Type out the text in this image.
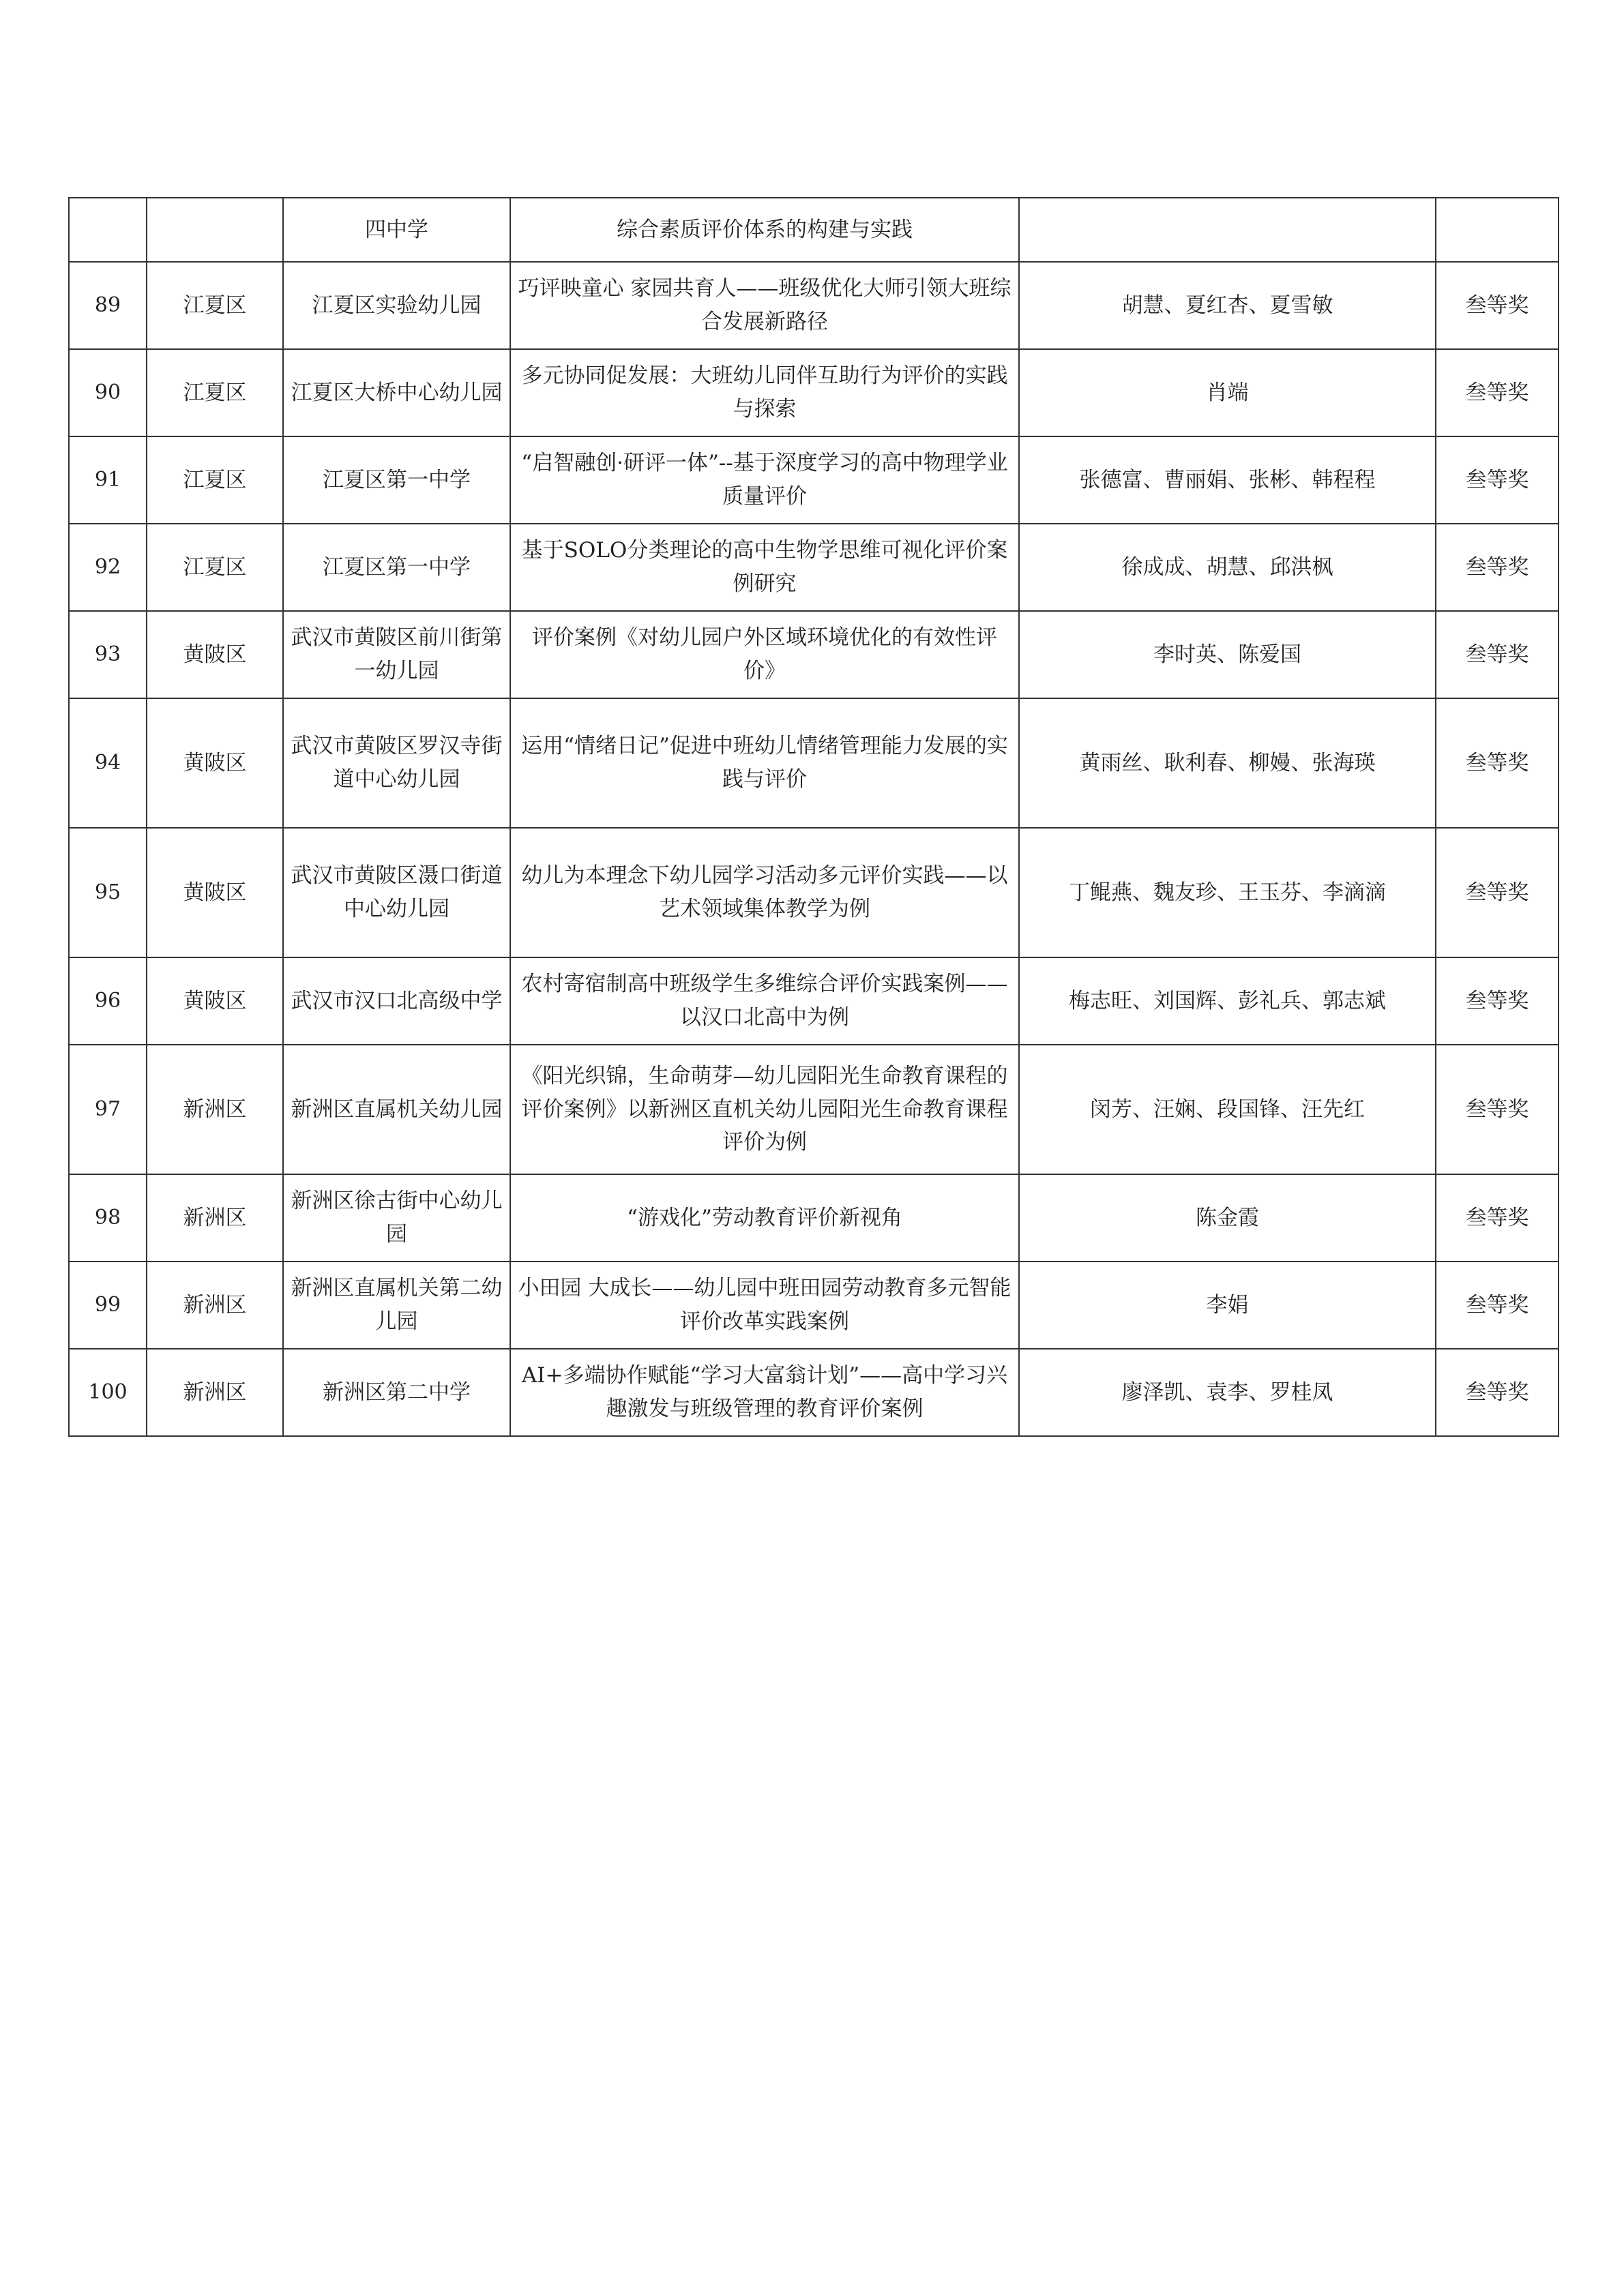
		四中学	综合素质评价体系的构建与实践		
89	江夏区	江夏区实验幼儿园	巧评映童心 家园共育人——班级优化大师引领大班综合发展新路径	胡慧、夏红杏、夏雪敏	叁等奖
90	江夏区	江夏区大桥中心幼儿园	多元协同促发展：大班幼儿同伴互助行为评价的实践与探索	肖端	叁等奖
91	江夏区	江夏区第一中学	“启智融创·研评一体”--基于深度学习的高中物理学业质量评价	张德富、曹丽娟、张彬、韩程程	叁等奖
92	江夏区	江夏区第一中学	基于SOLO分类理论的高中生物学思维可视化评价案例研究	徐成成、胡慧、邱洪枫	叁等奖
93	黄陂区	武汉市黄陂区前川街第一幼儿园	评价案例《对幼儿园户外区域环境优化的有效性评价》	李时英、陈爱国	叁等奖
94	黄陂区	武汉市黄陂区罗汉寺街道中心幼儿园	运用“情绪日记”促进中班幼儿情绪管理能力发展的实践与评价	黄雨丝、耿利春、柳嫚、张海瑛	叁等奖
95	黄陂区	武汉市黄陂区滠口街道中心幼儿园	幼儿为本理念下幼儿园学习活动多元评价实践——以艺术领域集体教学为例	丁鲲燕、魏友珍、王玉芬、李滴滴	叁等奖
96	黄陂区	武汉市汉口北高级中学	农村寄宿制高中班级学生多维综合评价实践案例——以汉口北高中为例	梅志旺、刘国辉、彭礼兵、郭志斌	叁等奖
97	新洲区	新洲区直属机关幼儿园	《阳光织锦，生命萌芽—幼儿园阳光生命教育课程的评价案例》以新洲区直机关幼儿园阳光生命教育课程评价为例	闵芳、汪娴、段国锋、汪先红	叁等奖
98	新洲区	新洲区徐古街中心幼儿园	“游戏化”劳动教育评价新视角	陈金霞	叁等奖
99	新洲区	新洲区直属机关第二幼儿园	小田园 大成长——幼儿园中班田园劳动教育多元智能评价改革实践案例	李娟	叁等奖
100	新洲区	新洲区第二中学	AI+多端协作赋能“学习大富翁计划”——高中学习兴趣激发与班级管理的教育评价案例	廖泽凯、袁李、罗桂凤	叁等奖
